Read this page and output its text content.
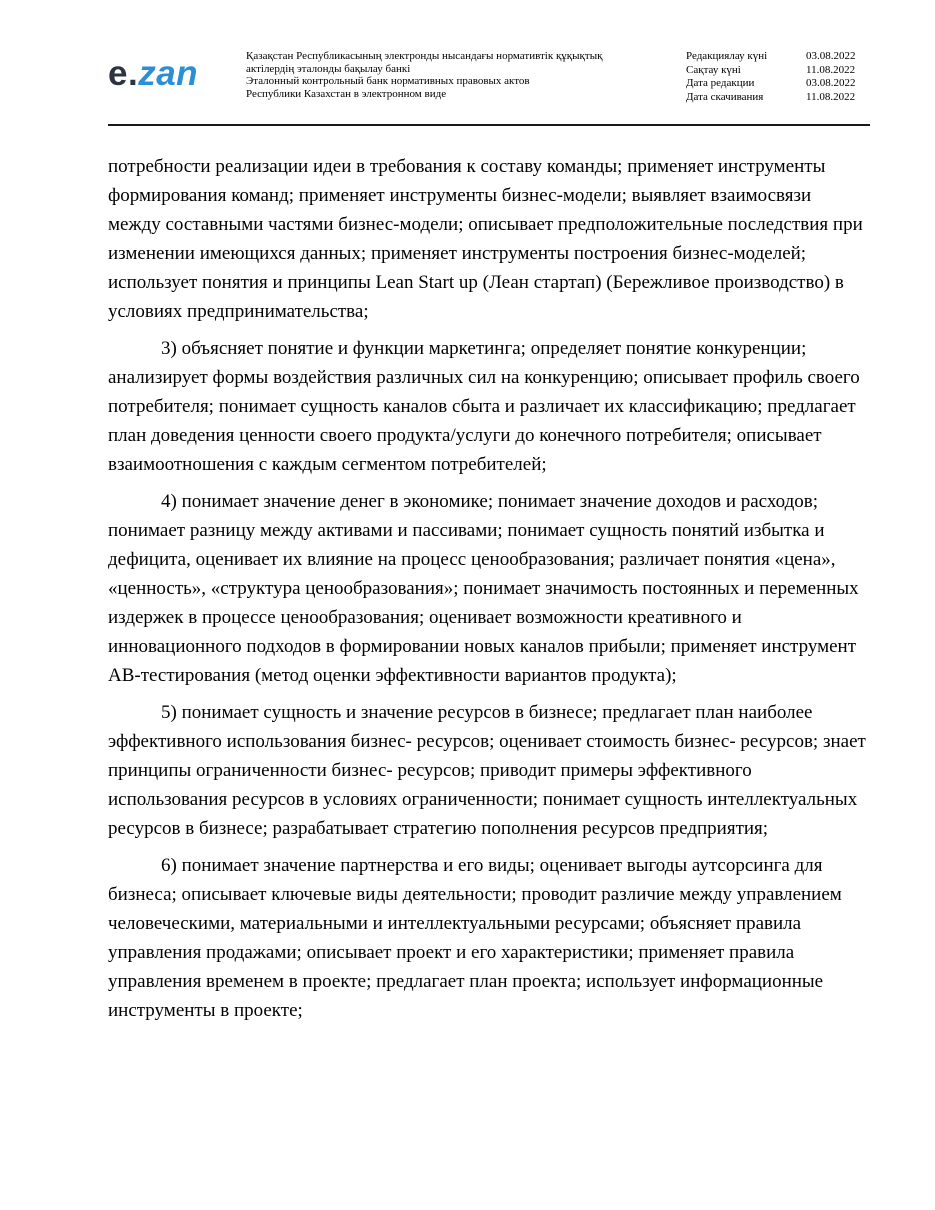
e.zan	Қазақстан Республикасының электронды нысандағы нормативтік құқықтық
актілердің эталонды бақылау банкі
Эталонный контрольный банк нормативных правовых актов
Республики Казахстан в электронном виде
Редакциялау күні	03.08.2022
Сақтау күні	11.08.2022
Дата редакции	03.08.2022
Дата скачивания	11.08.2022

потребности реализации идеи в требования к составу команды; применяет инструменты формирования команд; применяет инструменты бизнес-модели; выявляет взаимосвязи между составными частями бизнес-модели; описывает предположительные последствия при изменении имеющихся данных; применяет инструменты построения бизнес-моделей; использует понятия и принципы Lean Start up (Леан стартап) (Бережливое производство) в условиях предпринимательства;

3) объясняет понятие и функции маркетинга; определяет понятие конкуренции; анализирует формы воздействия различных сил на конкуренцию; описывает профиль своего потребителя; понимает сущность каналов сбыта и различает их классификацию; предлагает план доведения ценности своего продукта/услуги до конечного потребителя; описывает взаимоотношения с каждым сегментом потребителей;

4) понимает значение денег в экономике; понимает значение доходов и расходов; понимает разницу между активами и пассивами; понимает сущность понятий избытка и дефицита, оценивает их влияние на процесс ценообразования; различает понятия «цена», «ценность», «структура ценообразования»; понимает значимость постоянных и переменных издержек в процессе ценообразования; оценивает возможности креативного и инновационного подходов в формировании новых каналов прибыли; применяет инструмент АВ-тестирования (метод оценки эффективности вариантов продукта);

5) понимает сущность и значение ресурсов в бизнесе; предлагает план наиболее эффективного использования бизнес- ресурсов; оценивает стоимость бизнес- ресурсов; знает принципы ограниченности бизнес- ресурсов; приводит примеры эффективного использования ресурсов в условиях ограниченности; понимает сущность интеллектуальных ресурсов в бизнесе; разрабатывает стратегию пополнения ресурсов предприятия;

6) понимает значение партнерства и его виды; оценивает выгоды аутсорсинга для бизнеса; описывает ключевые виды деятельности; проводит различие между управлением человеческими, материальными и интеллектуальными ресурсами; объясняет правила управления продажами; описывает проект и его характеристики; применяет правила управления временем в проекте; предлагает план проекта; использует информационные инструменты в проекте;
